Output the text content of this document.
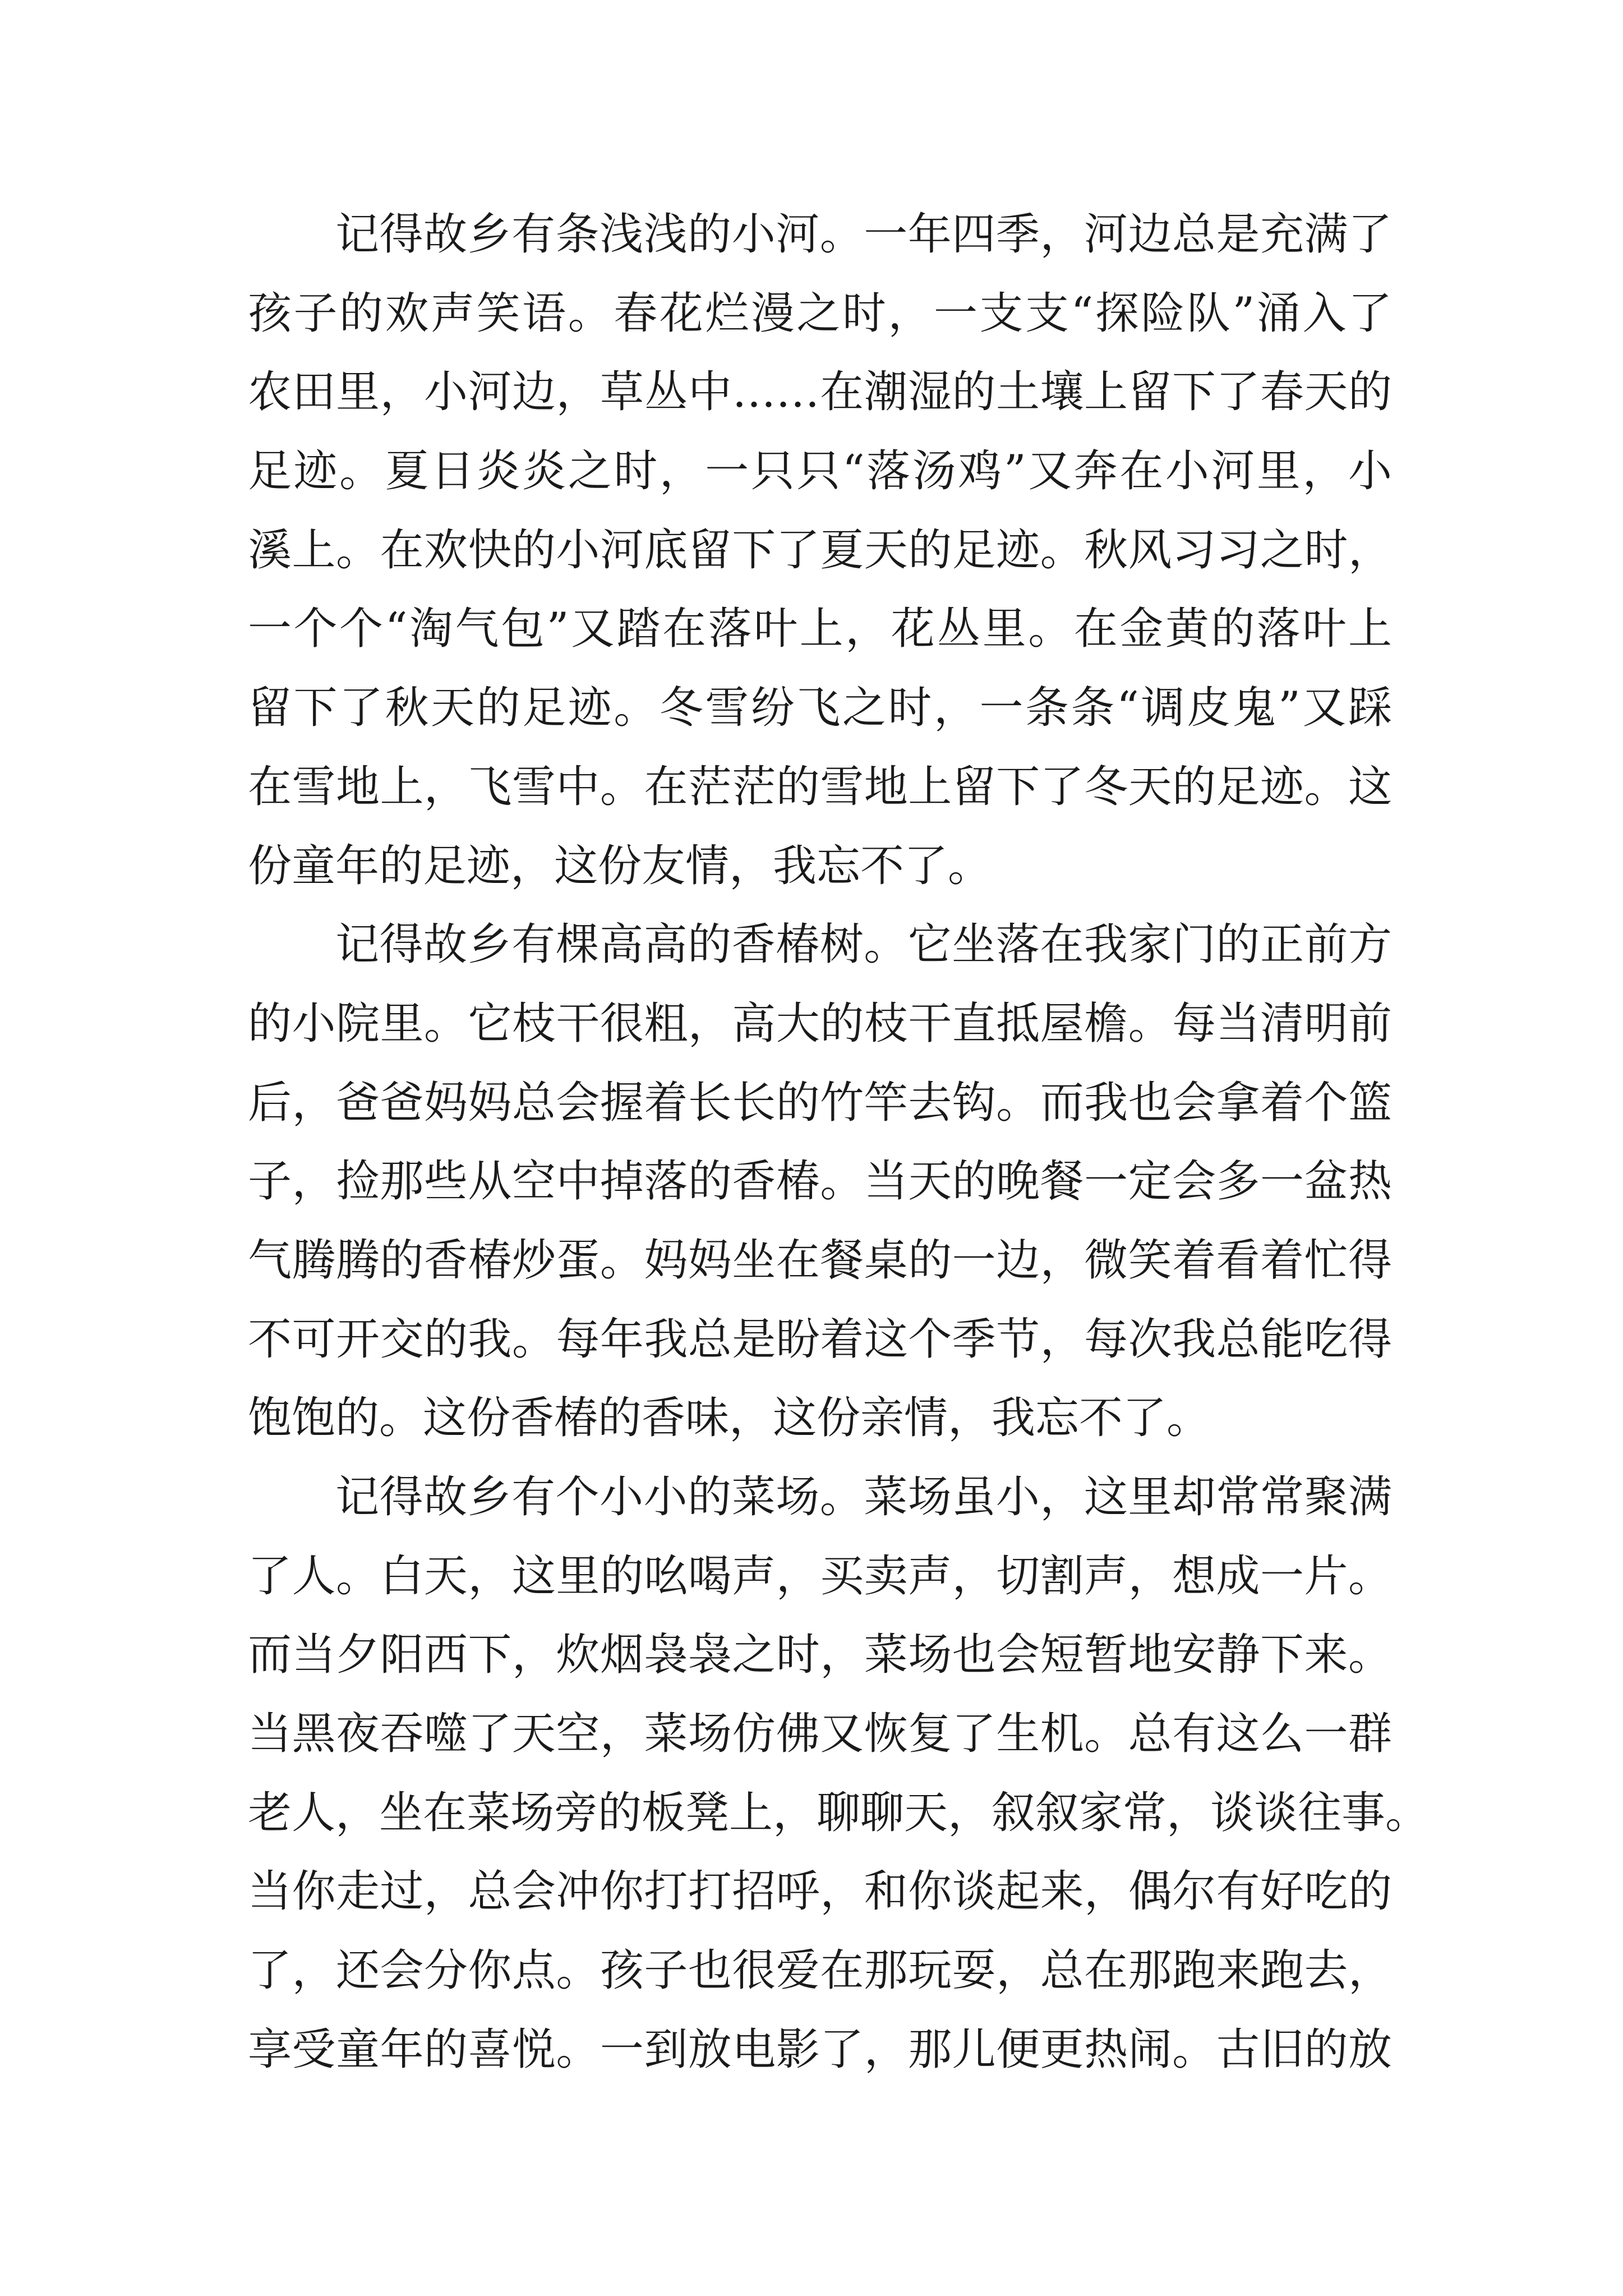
记得故乡有条浅浅的小河。一年四季，河边总是充满了
孩子的欢声笑语。春花烂漫之时，一支支“探险队”涌入了
农田里，小河边，草丛中……在潮湿的土壤上留下了春天的
足迹。夏日炎炎之时，一只只“落汤鸡”又奔在小河里，小
溪上。在欢快的小河底留下了夏天的足迹。秋风习习之时，
一个个“淘气包”又踏在落叶上，花丛里。在金黄的落叶上
留下了秋天的足迹。冬雪纷飞之时，一条条“调皮鬼”又踩
在雪地上，飞雪中。在茫茫的雪地上留下了冬天的足迹。这
份童年的足迹，这份友情，我忘不了。
记得故乡有棵高高的香椿树。它坐落在我家门的正前方
的小院里。它枝干很粗，高大的枝干直抵屋檐。每当清明前
后，爸爸妈妈总会握着长长的竹竿去钩。而我也会拿着个篮
子，捡那些从空中掉落的香椿。当天的晚餐一定会多一盆热
气腾腾的香椿炒蛋。妈妈坐在餐桌的一边，微笑着看着忙得
不可开交的我。每年我总是盼着这个季节，每次我总能吃得
饱饱的。这份香椿的香味，这份亲情，我忘不了。
记得故乡有个小小的菜场。菜场虽小，这里却常常聚满
了人。白天，这里的吆喝声，买卖声，切割声，想成一片。
而当夕阳西下，炊烟袅袅之时，菜场也会短暂地安静下来。
当黑夜吞噬了天空，菜场仿佛又恢复了生机。总有这么一群
老人，坐在菜场旁的板凳上，聊聊天，叙叙家常，谈谈往事。
当你走过，总会冲你打打招呼，和你谈起来，偶尔有好吃的
了，还会分你点。孩子也很爱在那玩耍，总在那跑来跑去，
享受童年的喜悦。一到放电影了，那儿便更热闹。古旧的放
